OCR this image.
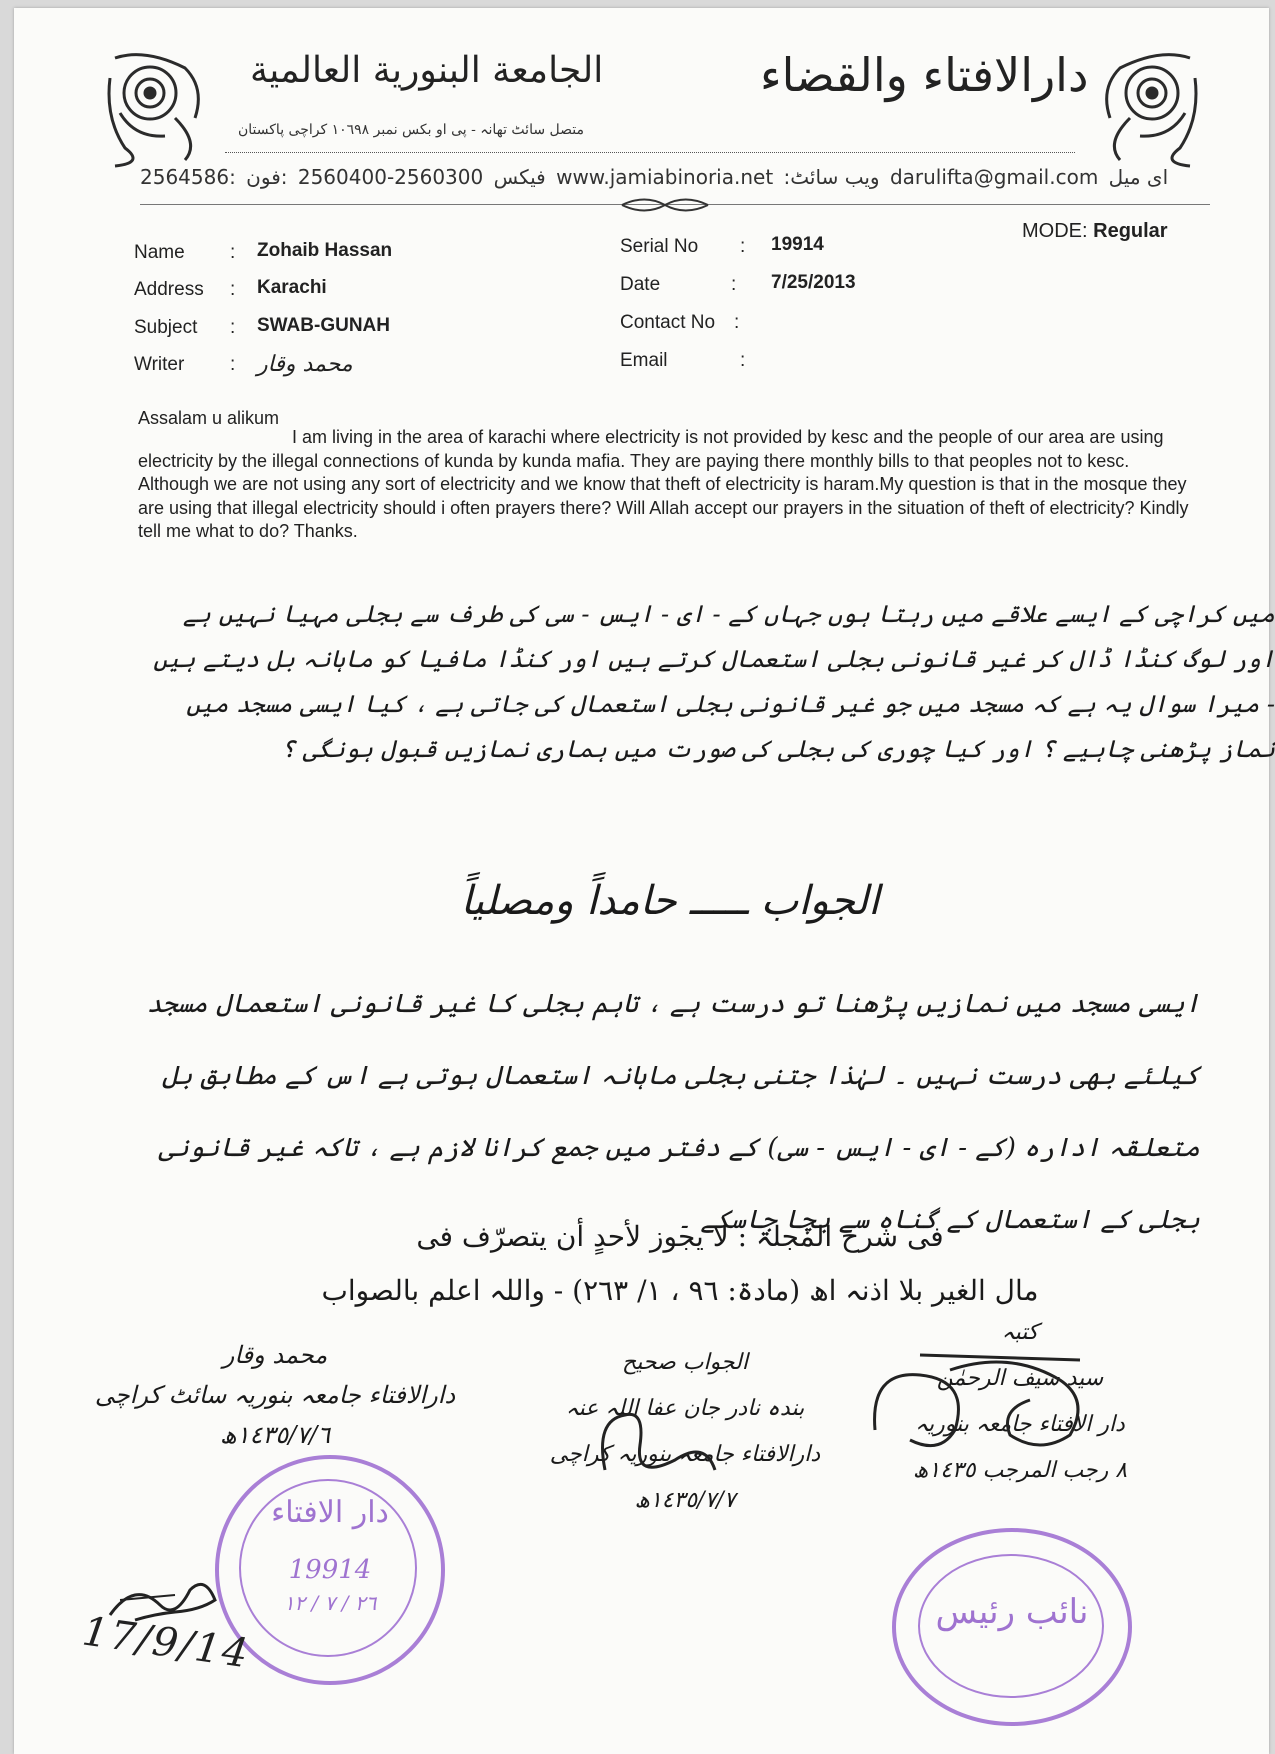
الجامعة البنورية العالمية
متصل سائٹ تھانہ - پی او بکس نمبر ١٠٦٩٨ کراچی پاکستان
دارالافتاء والقضاء
2564586:	فیکس 2560300-2560400 :فون	www.jamiabinoria.net :ویب سائٹ darulifta@gmail.com ای میل
MODE: Regular
Name : Zohaib Hassan
Address : Karachi
Subject : SWAB-GUNAH
Writer : محمد وقار
Serial No : 19914
Date	: 7/25/2013
Contact No :
Email	:
Assalam u alikum
I am living in the area of karachi where electricity is not provided by kesc and the people of our area are using electricity by the illegal connections of kunda by kunda mafia. They are paying there monthly bills to that peoples not to kesc. Although we are not using any sort of electricity and we know that theft of electricity is haram.My question is that in the mosque they are using that illegal electricity should i often prayers there? Will Allah accept our prayers in the situation of theft of electricity? Kindly tell me what to do? Thanks.
میں کراچی کے ایسے علاقے میں رہتا ہوں جہاں کے - ای - ایس - سی کی طرف سے بجلی مہیا نہیں ہے اور لوگ کنڈا ڈال کر غیر قانونی بجلی استعمال کرتے ہیں اور کنڈا مافیا کو ماہانہ بل دیتے ہیں - میرا سوال یہ ہے کہ مسجد میں جو غیر قانونی بجلی استعمال کی جاتی ہے ، کیا ایسی مسجد میں نماز پڑھنی چاہیے ؟ اور کیا چوری کی بجلی کی صورت میں ہماری نمازیں قبول ہونگی ؟
الجواب ـــــ حامداً ومصلیاً
ایسی مسجد میں نمازیں پڑھنا تو درست ہے ، تاہم بجلی کا غیر قانونی استعمال مسجد کیلئے بھی درست نہیں ۔ لہٰذا جتنی بجلی ماہانہ استعمال ہوتی ہے اس کے مطابق بل متعلقہ ادارہ (کے - ای - ایس - سی) کے دفتر میں جمع کرانا لازم ہے ، تاکہ غیر قانونی بجلی کے استعمال کے گناہ سے بچا جاسکے ۔
فی شرح المجلۃ : لا یجوز لأحدٍ أن یتصرّف فی
مال الغیر بلا اذنہ اھ (مادۃ: ٩٦ ، ١/ ٢٦٣) - واللہ اعلم بالصواب
محمد وقار
دارالافتاء جامعہ بنوریہ سائٹ کراچی
١٤٣٥/٧/٦ھ
الجواب صحیح
بندہ نادر جان عفا اللہ عنہ
دارالافتاء جامعہ بنوریہ کراچی
١٤٣٥/٧/٧ھ
کتبہ
سید سیف الرحمٰن
دار الافتاء جامعہ بنوریہ
٨ رجب المرجب ١٤٣٥ھ
دار الافتاء
19914
٢٦ / ٧ / ١٢	نائب رئیس
17/9/14
